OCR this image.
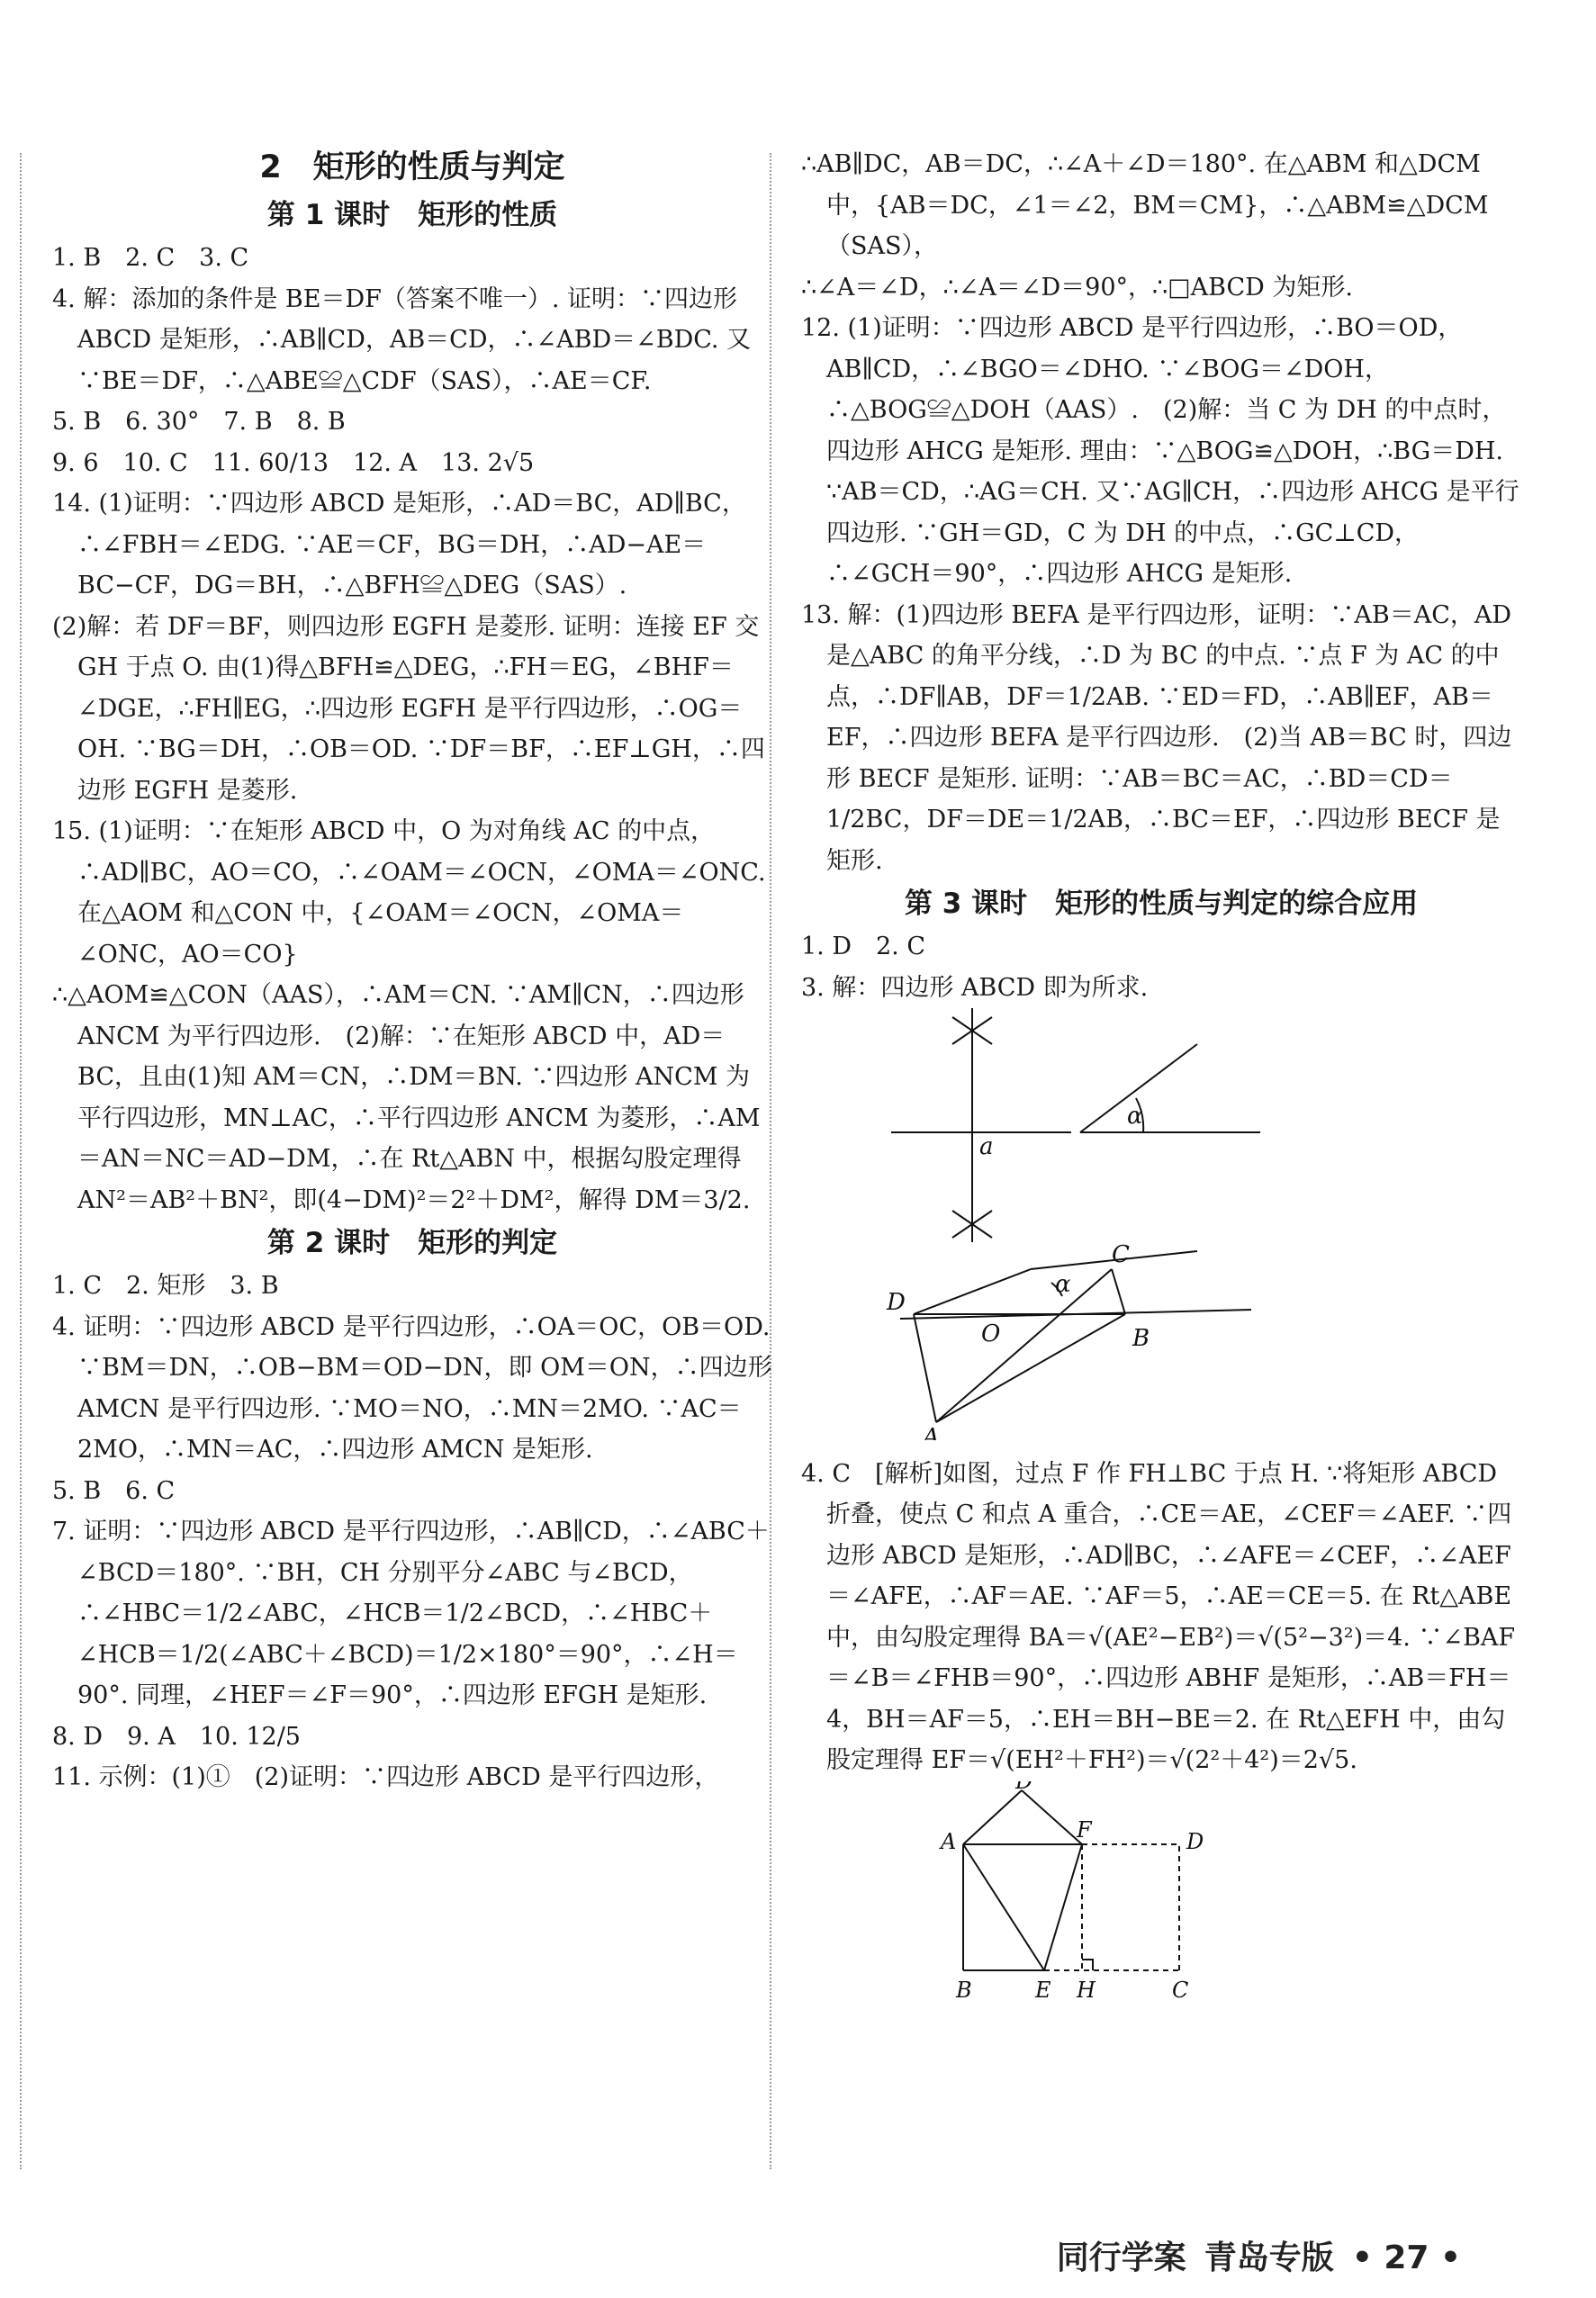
2　矩形的性质与判定
第 1 课时　矩形的性质

1. B　2. C　3. C

4. 解：添加的条件是 BE＝DF（答案不唯一）. 证明：∵四边形 ABCD 是矩形，∴AB∥CD，AB＝CD，∴∠ABD＝∠BDC. 又∵BE＝DF，∴△ABE≌△CDF（SAS），∴AE＝CF.

5. B　6. 30°　7. B　8. B

9. 6　10. C　11. 60/13　12. A　13. 2√5

14. (1)证明：∵四边形 ABCD 是矩形，∴AD＝BC，AD∥BC，∴∠FBH＝∠EDG. ∵AE＝CF，BG＝DH，∴AD−AE＝BC−CF，DG＝BH，∴△BFH≌△DEG（SAS）.

(2)解：若 DF＝BF，则四边形 EGFH 是菱形. 证明：连接 EF 交 GH 于点 O. 由(1)得△BFH≌△DEG，∴FH＝EG，∠BHF＝∠DGE，∴FH∥EG，∴四边形 EGFH 是平行四边形，∴OG＝OH. ∵BG＝DH，∴OB＝OD. ∵DF＝BF，∴EF⊥GH，∴四边形 EGFH 是菱形.

15. (1)证明：∵在矩形 ABCD 中，O 为对角线 AC 的中点，∴AD∥BC，AO＝CO，∴∠OAM＝∠OCN，∠OMA＝∠ONC. 在△AOM 和△CON 中，{∠OAM＝∠OCN，∠OMA＝∠ONC，AO＝CO}

∴△AOM≌△CON（AAS），∴AM＝CN. ∵AM∥CN，∴四边形 ANCM 为平行四边形.　(2)解：∵在矩形 ABCD 中，AD＝BC，且由(1)知 AM＝CN，∴DM＝BN. ∵四边形 ANCM 为平行四边形，MN⊥AC，∴平行四边形 ANCM 为菱形，∴AM＝AN＝NC＝AD−DM，∴在 Rt△ABN 中，根据勾股定理得 AN²＝AB²＋BN²，即(4−DM)²＝2²＋DM²，解得 DM＝3/2.

第 2 课时　矩形的判定

1. C　2. 矩形　3. B

4. 证明：∵四边形 ABCD 是平行四边形，∴OA＝OC，OB＝OD. ∵BM＝DN，∴OB−BM＝OD−DN，即 OM＝ON，∴四边形 AMCN 是平行四边形. ∵MO＝NO，∴MN＝2MO. ∵AC＝2MO，∴MN＝AC，∴四边形 AMCN 是矩形.

5. B　6. C

7. 证明：∵四边形 ABCD 是平行四边形，∴AB∥CD，∴∠ABC＋∠BCD＝180°. ∵BH，CH 分别平分∠ABC 与∠BCD，∴∠HBC＝1/2∠ABC，∠HCB＝1/2∠BCD，∴∠HBC＋∠HCB＝1/2(∠ABC＋∠BCD)＝1/2×180°＝90°，∴∠H＝90°. 同理，∠HEF＝∠F＝90°，∴四边形 EFGH 是矩形.

8. D　9. A　10. 12/5

11. 示例：(1)①　(2)证明：∵四边形 ABCD 是平行四边形，

∴AB∥DC，AB＝DC，∴∠A＋∠D＝180°. 在△ABM 和△DCM 中，{AB＝DC，∠1＝∠2，BM＝CM}，∴△ABM≌△DCM（SAS），

∴∠A＝∠D，∴∠A＝∠D＝90°，∴□ABCD 为矩形.

12. (1)证明：∵四边形 ABCD 是平行四边形，∴BO＝OD，AB∥CD，∴∠BGO＝∠DHO. ∵∠BOG＝∠DOH，∴△BOG≌△DOH（AAS）.　(2)解：当 C 为 DH 的中点时，四边形 AHCG 是矩形. 理由：∵△BOG≌△DOH，∴BG＝DH. ∵AB＝CD，∴AG＝CH. 又∵AG∥CH，∴四边形 AHCG 是平行四边形. ∵GH＝GD，C 为 DH 的中点，∴GC⊥CD，∴∠GCH＝90°，∴四边形 AHCG 是矩形.

13. 解：(1)四边形 BEFA 是平行四边形，证明：∵AB＝AC，AD 是△ABC 的角平分线，∴D 为 BC 的中点. ∵点 F 为 AC 的中点，∴DF∥AB，DF＝1/2AB. ∵ED＝FD，∴AB∥EF，AB＝EF，∴四边形 BEFA 是平行四边形.　(2)当 AB＝BC 时，四边形 BECF 是矩形. 证明：∵AB＝BC＝AC，∴BD＝CD＝1/2BC，DF＝DE＝1/2AB，∴BC＝EF，∴四边形 BECF 是矩形.

第 3 课时　矩形的性质与判定的综合应用

1. D　2. C

3. 解：四边形 ABCD 即为所求.

a
α
α
C
D
O	B
A

4. C　[解析]如图，过点 F 作 FH⊥BC 于点 H. ∵将矩形 ABCD 折叠，使点 C 和点 A 重合，∴CE＝AE，∠CEF＝∠AEF. ∵四边形 ABCD 是矩形，∴AD∥BC，∴∠AFE＝∠CEF，∴∠AEF＝∠AFE，∴AF＝AE. ∵AF＝5，∴AE＝CE＝5. 在 Rt△ABE 中，由勾股定理得 BA＝√(AE²−EB²)＝√(5²−3²)＝4. ∵∠BAF＝∠B＝∠FHB＝90°，∴四边形 ABHF 是矩形，∴AB＝FH＝4，BH＝AF＝5，∴EH＝BH−BE＝2. 在 Rt△EFH 中，由勾股定理得 EF＝√(EH²＋FH²)＝√(2²＋4²)＝2√5.

D′
A	F	D
B	E H	C
同行学案 青岛专版 • 27 •
